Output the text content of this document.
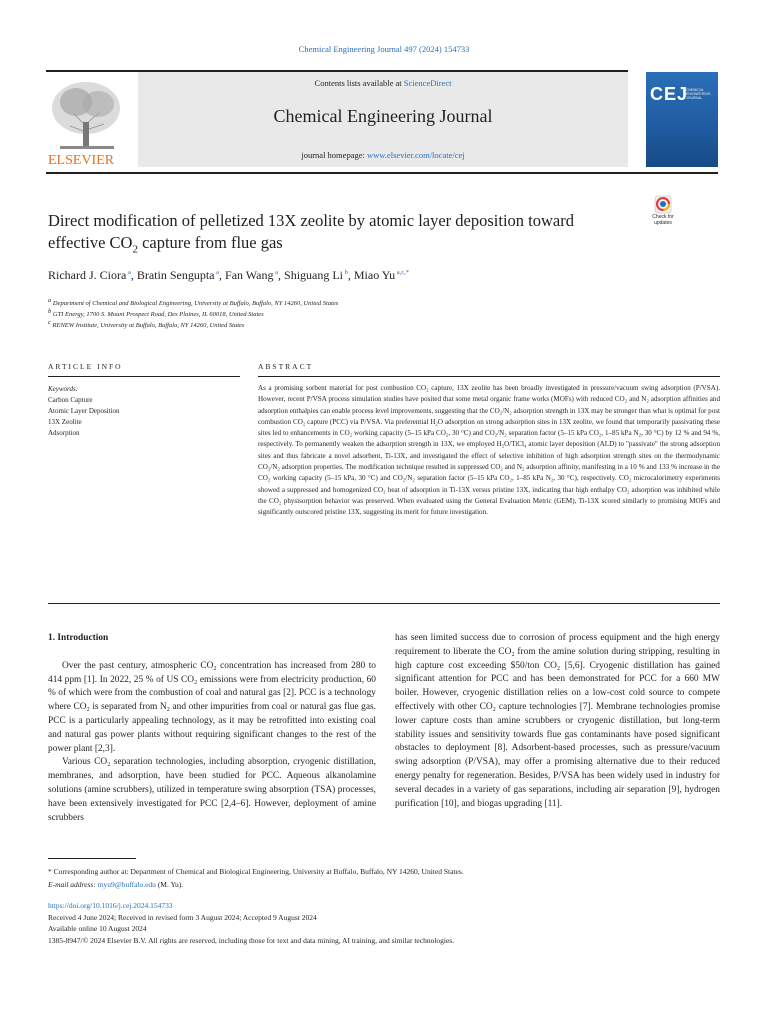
Chemical Engineering Journal 497 (2024) 154733
ELSEVIER
Contents lists available at ScienceDirect
Chemical Engineering Journal
journal homepage: www.elsevier.com/locate/cej
CEJ
CHEMICAL ENGINEERING JOURNAL
Direct modification of pelletized 13X zeolite by atomic layer deposition toward effective $CO_2$ capture from flue gas
Check for updates
Richard J. Ciora $^a$, Bratin Sengupta $^a$, Fan Wang $^a$, Shiguang Li $^b$, Miao Yu $^{a,c,*}$
$^a$ Department of Chemical and Biological Engineering, University at Buffalo, Buffalo, NY 14260, United States
$^b$ GTI Energy, 1700 S. Mount Prospect Road, Des Plaines, IL 60018, United States
$^c$ RENEW Institute, University at Buffalo, Buffalo, NY 14260, United States
ARTICLE INFO	ABSTRACT
Keywords:
Carbon Capture
Atomic Layer Deposition
13X Zeolite
Adsorption
As a promising sorbent material for post combustion CO₂ capture, 13X zeolite has been broadly investigated in pressure/vacuum swing adsorption (P/VSA). However, recent P/VSA process simulation studies have posited that some metal organic frame works (MOFs) with reduced CO₂ and N₂ adsorption affinities and adsorption enthalpies can enable process level improvements, suggesting that the CO₂/N₂ adsorption strength in 13X may be stronger than what is optimal for post combustion CO₂ capture (PCC) via P/VSA. Via preferential H₂O adsorption on strong adsorption sites in 13X zeolite, we found that temporarily passivating these sites led to enhancements in CO₂ working capacity (5–15 kPa CO₂, 30 °C) and CO₂/N₂ separation factor (5–15 kPa CO₂, 1–85 kPa N₂, 30 °C) by 12 % and 94 %, respectively. To permanently weaken the adsorption strength in 13X, we employed H₂O/TiCl₄ atomic layer deposition (ALD) to "passivate" the strong adsorption sites and thus fabricate a novel adsorbent, Ti-13X, and investigated the effect of selective inhibition of high adsorption strength sites on the thermodynamic CO₂/N₂ adsorption properties. The modification technique resulted in suppressed CO₂ and N₂ adsorption affinity, manifesting in a 10 % and 133 % increase in the CO₂ working capacity (5–15 kPa, 30 °C) and CO₂/N₂ separation factor (5–15 kPa CO₂, 1–85 kPa N₂, 30 °C), respectively. CO₂ microcalorimetry experiments showed a suppressed and homogenized CO₂ heat of adsorption in Ti-13X versus pristine 13X, indicating that high enthalpy CO₂ adsorption was inhibited while the CO₂ physisorption behavior was preserved. When evaluated using the General Evaluation Metric (GEM), Ti-13X scored similarly to promising MOFs and significantly outscored pristine 13X, suggesting its merit for future investigation.
1. Introduction

Over the past century, atmospheric CO₂ concentration has increased from 280 to 414 ppm [1]. In 2022, 25 % of US CO₂ emissions were from electricity production, 60 % of which were from the combustion of coal and natural gas [2]. PCC is a technology where CO₂ is separated from N₂ and other impurities from coal or natural gas flue gas. PCC is a particularly appealing technology, as it may be retrofitted into existing coal and natural gas power plants without requiring significant changes to the rest of the power plant [2,3].

Various CO₂ separation technologies, including absorption, cryogenic distillation, membranes, and adsorption, have been studied for PCC. Aqueous alkanolamine solutions (amine scrubbers), utilized in temperature swing absorption (TSA) processes, have been extensively investigated for PCC [2,4–6]. However, deployment of amine scrubbers

has seen limited success due to corrosion of process equipment and the high energy requirement to liberate the CO₂ from the amine solution during stripping, resulting in high capture cost exceeding $50/ton CO₂ [5,6]. Cryogenic distillation has gained significant attention for PCC and has been demonstrated for PCC for a 660 MW boiler. However, cryogenic distillation relies on a low-cost cold source to compete effectively with other CO₂ capture technologies [7]. Membrane technologies promise lower capture costs than amine scrubbers or cryogenic distillation, but long-term stability issues and sensitivity towards flue gas contaminants have posed significant obstacles to deployment [8]. Adsorbent-based processes, such as pressure/vacuum swing adsorption (P/VSA), may offer a promising alternative due to their reduced energy penalty for regeneration. Besides, P/VSA has been widely used in industry for several decades in a variety of gas separations, including air separation [9], hydrogen purification [10], and biogas upgrading [11].

* Corresponding author at: Department of Chemical and Biological Engineering, University at Buffalo, Buffalo, NY 14260, United States.
E-mail address: myu9@buffalo.edu (M. Yu).
https://doi.org/10.1016/j.cej.2024.154733
Received 4 June 2024; Received in revised form 3 August 2024; Accepted 9 August 2024
Available online 10 August 2024
1385-8947/© 2024 Elsevier B.V. All rights are reserved, including those for text and data mining, AI training, and similar technologies.
